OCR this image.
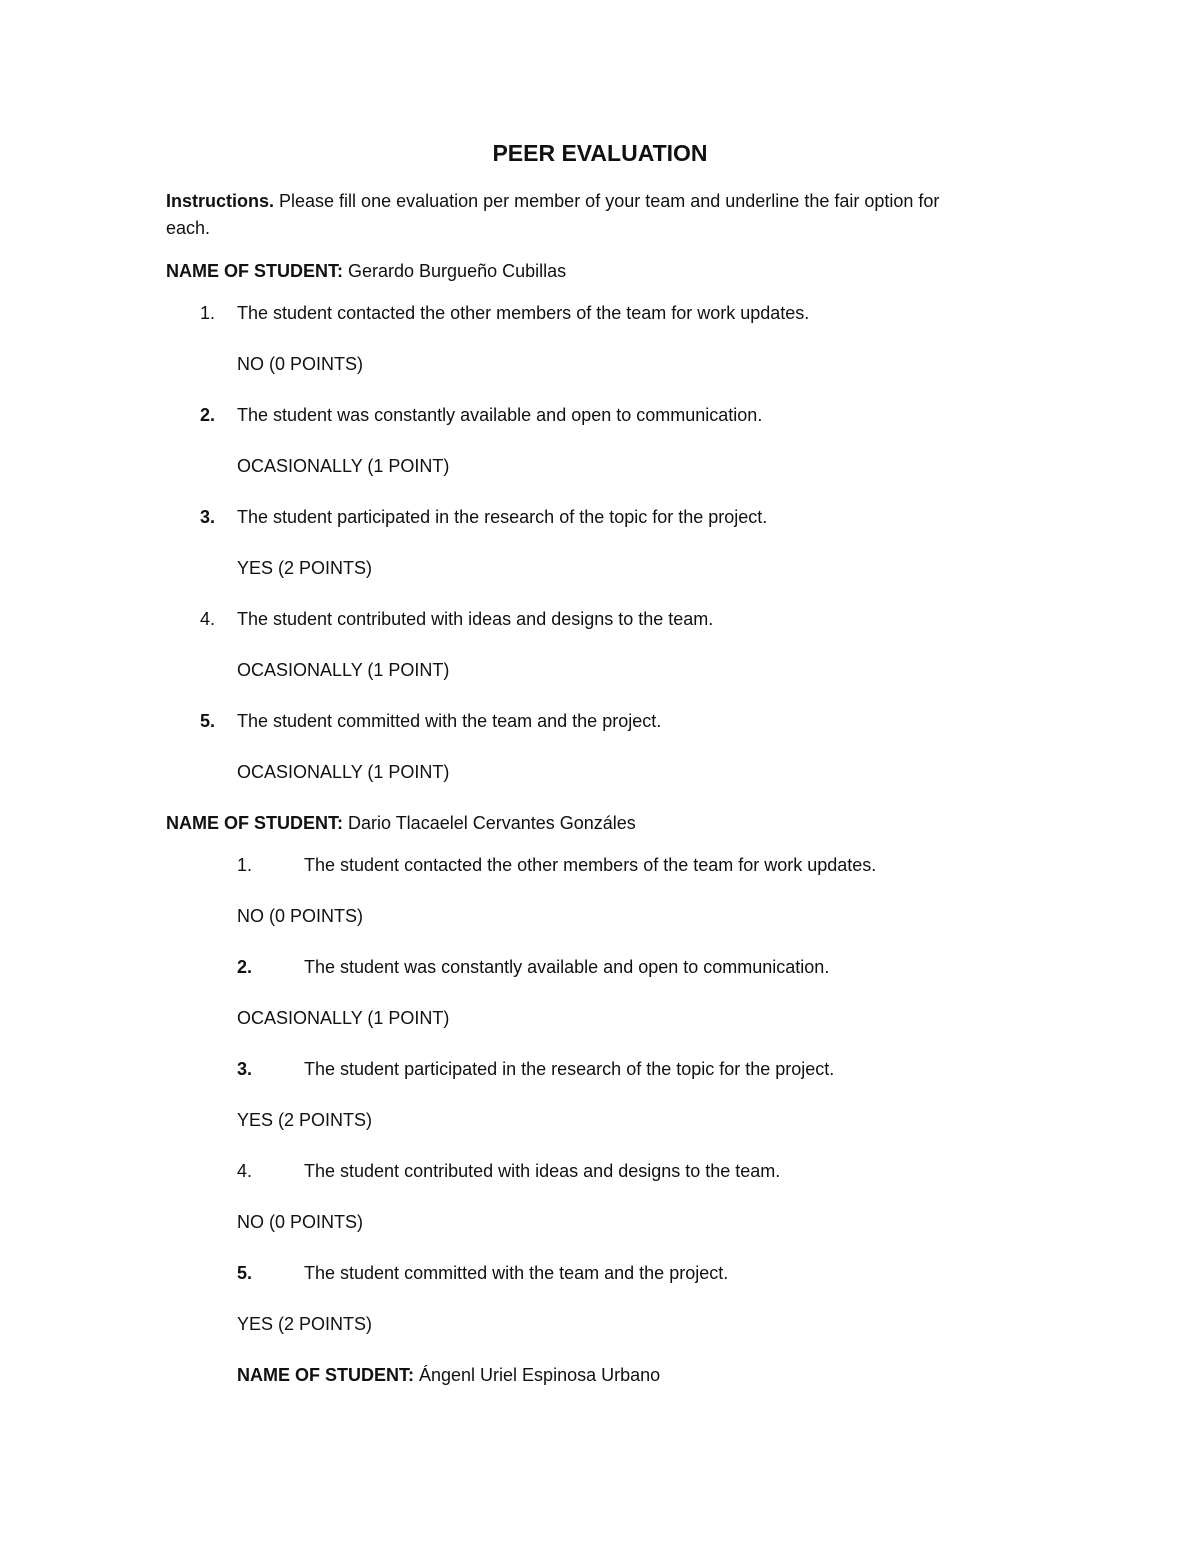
PEER EVALUATION
Instructions. Please fill one evaluation per member of your team and underline the fair option for
each.
NAME OF STUDENT: Gerardo Burgueño Cubillas
1. The student contacted the other members of the team for work updates.
NO (0 POINTS)
2. The student was constantly available and open to communication.
OCASIONALLY (1 POINT)
3. The student participated in the research of the topic for the project.
YES (2 POINTS)
4. The student contributed with ideas and designs to the team.
OCASIONALLY (1 POINT)
5. The student committed with the team and the project.
OCASIONALLY (1 POINT)
NAME OF STUDENT: Dario Tlacaelel Cervantes Gonzáles
1.	The student contacted the other members of the team for work updates.
NO (0 POINTS)
2.	The student was constantly available and open to communication.
OCASIONALLY (1 POINT)
3.	The student participated in the research of the topic for the project.
YES (2 POINTS)
4.	The student contributed with ideas and designs to the team.
NO (0 POINTS)
5.	The student committed with the team and the project.
YES (2 POINTS)
NAME OF STUDENT: Ángenl Uriel Espinosa Urbano
